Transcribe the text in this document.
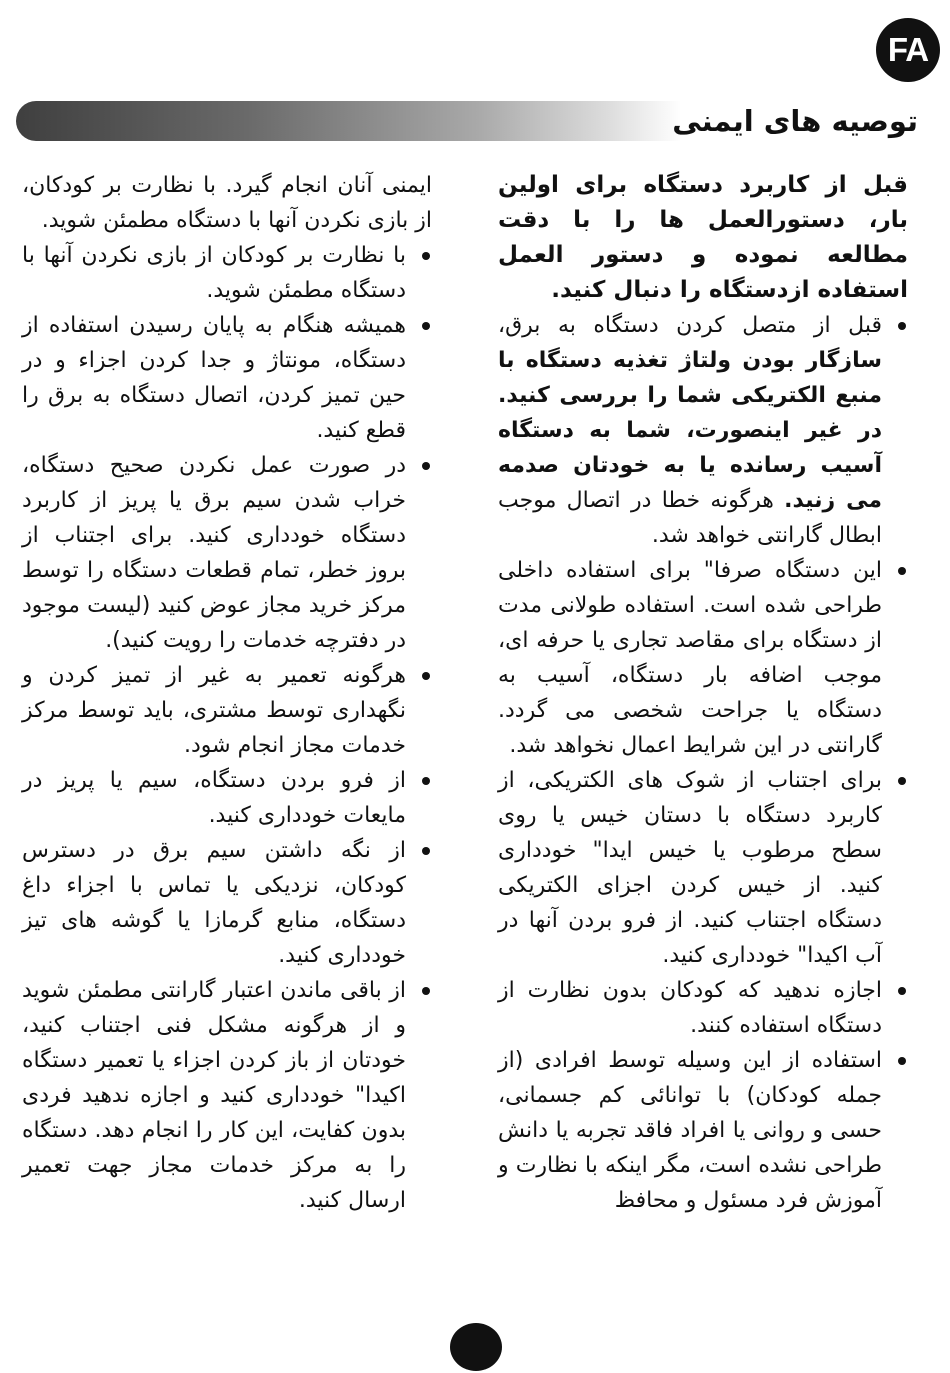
FA
توصیه های ایمنی

قبل از کاربرد دستگاه برای اولین بار، دستورالعمل ها را با دقت مطالعه نموده و دستور العمل استفاده ازدستگاه را دنبال کنید.

قبل از متصل کردن دستگاه به برق، سازگار بودن ولتاژ تغذیه دستگاه با منبع الکتریکی شما را بررسی کنید. در غیر اینصورت، شما به دستگاه آسیب رسانده یا به خودتان صدمه می زنید. هرگونه خطا در اتصال موجب ابطال گارانتی خواهد شد.
این دستگاه صرفا" برای استفاده داخلی طراحی شده است. استفاده طولانی مدت از دستگاه برای مقاصد تجاری یا حرفه ای، موجب اضافه بار دستگاه، آسیب به دستگاه یا جراحت شخصی می گردد. گارانتی در این شرایط اعمال نخواهد شد.
برای اجتناب از شوک های الکتریکی، از کاربرد دستگاه با دستان خیس یا روی سطح مرطوب یا خیس ا‌یدا" خودداری کنید. از خیس کردن اجزای الکتریکی دستگاه اجتناب کنید. از فرو بردن آنها در آب اکیدا" خودداری کنید.
اجازه ندهید که کودکان بدون نظارت از دستگاه استفاده کنند.
استفاده از این وسیله توسط افرادی (از جمله کودکان) با توانائی کم جسمانی، حسی و روانی یا افراد فاقد تجربه یا دانش طراحی نشده است، مگر اینکه با نظارت و آموزش فرد مسئول و محافظ

ایمنی آنان انجام گیرد. با نظارت بر کودکان، از بازی نکردن آنها با دستگاه مطمئن شوید.

با نظارت بر کودکان از بازی نکردن آنها با دستگاه مطمئن شوید.
همیشه هنگام به پایان رسیدن استفاده از دستگاه، مونتاژ و جدا کردن اجزاء و در حین تمیز کردن، اتصال دستگاه به برق را قطع کنید.
در صورت عمل نکردن صحیح دستگاه، خراب شدن سیم برق یا پریز از کاربرد دستگاه خودداری کنید. برای اجتناب از بروز خطر، تمام قطعات دستگاه را توسط مرکز خرید مجاز عوض کنید (لیست موجود در دفترچه خدمات را رویت کنید).
هرگونه تعمیر به غیر از تمیز کردن و نگهداری توسط مشتری، باید توسط مرکز خدمات مجاز انجام شود.
از فرو بردن دستگاه، سیم یا پریز در مایعات خودداری کنید.
از نگه داشتن سیم برق در دسترس کودکان، نزدیکی یا تماس با اجزاء داغ دستگاه، منابع گرمازا یا گوشه های تیز خودداری کنید.
از باقی ماندن اعتبار گارانتی مطمئن شوید و از هرگونه مشکل فنی اجتناب کنید، خودتان از باز کردن اجزاء یا تعمیر دستگاه اکیدا" خودداری کنید و اجازه ندهید فردی بدون کفایت، این کار را انجام دهد. دستگاه را به مرکز خدمات مجاز جهت تعمیر ارسال کنید.
